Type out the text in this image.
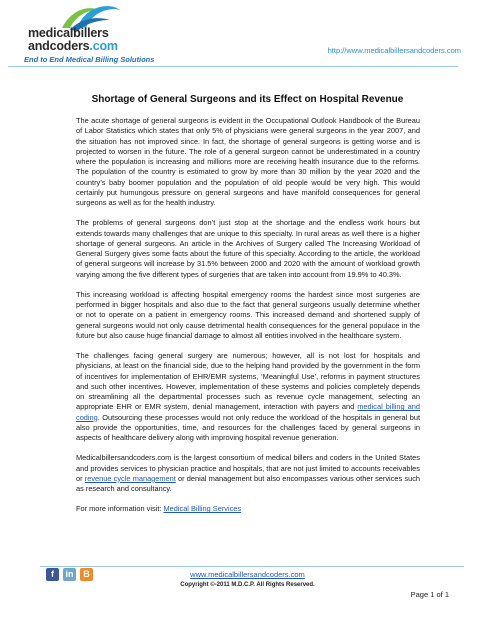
medicalbillers
andcoders.com
End to End Medical Billing Solutions
http://www.medicalbillersandcoders.com
Shortage of General Surgeons and its Effect on Hospital Revenue

The acute shortage of general surgeons is evident in the Occupational Outlook Handbook of the Bureau of Labor Statistics which states that only 5% of physicians were general surgeons in the year 2007, and the situation has not improved since. In fact, the shortage of general surgeons is getting worse and is projected to worsen in the future. The role of a general surgeon cannot be underestimated in a country where the population is increasing and millions more are receiving health insurance due to the reforms. The population of the country is estimated to grow by more than 30 million by the year 2020 and the country’s baby boomer population and the population of old people would be very high. This would certainly put humungous pressure on general surgeons and have manifold consequences for general surgeons as well as for the health industry.

The problems of general surgeons don’t just stop at the shortage and the endless work hours but extends towards many challenges that are unique to this specialty. In rural areas as well there is a higher shortage of general surgeons. An article in the Archives of Surgery called The Increasing Workload of General Surgery gives some facts about the future of this specialty. According to the article, the workload of general surgeons will increase by 31.5% between 2000 and 2020 with the amount of workload growth varying among the five different types of surgeries that are taken into account from 19.9% to 40.3%.

This increasing workload is affecting hospital emergency rooms the hardest since most surgeries are performed in bigger hospitals and also due to the fact that general surgeons usually determine whether or not to operate on a patient in emergency rooms. This increased demand and shortened supply of general surgeons would not only cause detrimental health consequences for the general populace in the future but also cause huge financial damage to almost all entities involved in the healthcare system.

The challenges facing general surgery are numerous; however, all is not lost for hospitals and physicians, at least on the financial side, due to the helping hand provided by the government in the form of incentives for implementation of EHR/EMR systems, ‘Meaningful Use’, reforms in payment structures and such other incentives. However, implementation of these systems and policies completely depends on streamlining all the departmental processes such as revenue cycle management, selecting an appropriate EHR or EMR system, denial management, interaction with payers and medical billing and coding. Outsourcing these processes would not only reduce the workload of the hospitals in general but also provide the opportunities, time, and resources for the challenges faced by general surgeons in aspects of healthcare delivery along with improving hospital revenue generation.

Medicalbillersandcoders.com is the largest consortium of medical billers and coders in the United States and provides services to physician practice and hospitals, that are not just limited to accounts receivables or revenue cycle management or denial management but also encompasses various other services such as research and consultancy.

For more information visit: Medical Billing Services

f	in	B	www.medicalbillersandcoders.com
Copyright ©-2011 M.D.C.P. All Rights Reserved.
Page 1 of 1
